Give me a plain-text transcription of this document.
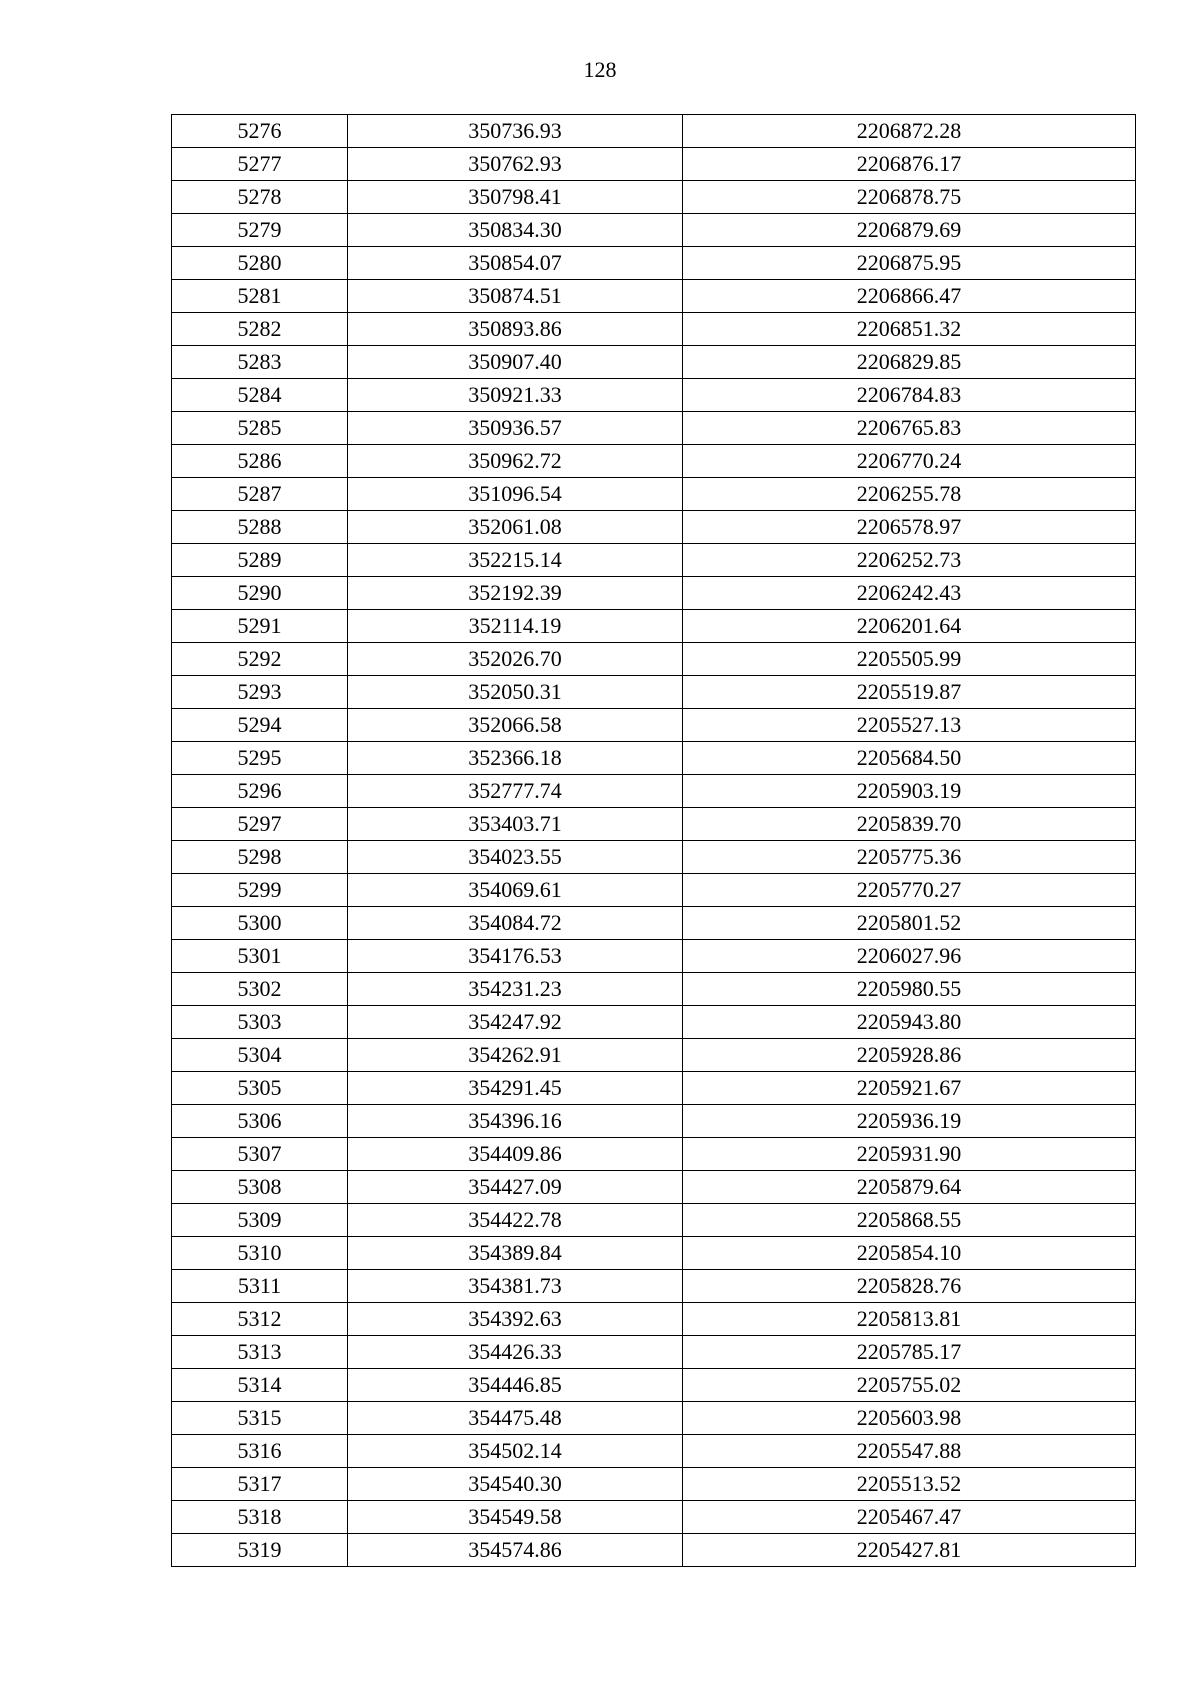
128
5276	350736.93	2206872.28
5277	350762.93	2206876.17
5278	350798.41	2206878.75
5279	350834.30	2206879.69
5280	350854.07	2206875.95
5281	350874.51	2206866.47
5282	350893.86	2206851.32
5283	350907.40	2206829.85
5284	350921.33	2206784.83
5285	350936.57	2206765.83
5286	350962.72	2206770.24
5287	351096.54	2206255.78
5288	352061.08	2206578.97
5289	352215.14	2206252.73
5290	352192.39	2206242.43
5291	352114.19	2206201.64
5292	352026.70	2205505.99
5293	352050.31	2205519.87
5294	352066.58	2205527.13
5295	352366.18	2205684.50
5296	352777.74	2205903.19
5297	353403.71	2205839.70
5298	354023.55	2205775.36
5299	354069.61	2205770.27
5300	354084.72	2205801.52
5301	354176.53	2206027.96
5302	354231.23	2205980.55
5303	354247.92	2205943.80
5304	354262.91	2205928.86
5305	354291.45	2205921.67
5306	354396.16	2205936.19
5307	354409.86	2205931.90
5308	354427.09	2205879.64
5309	354422.78	2205868.55
5310	354389.84	2205854.10
5311	354381.73	2205828.76
5312	354392.63	2205813.81
5313	354426.33	2205785.17
5314	354446.85	2205755.02
5315	354475.48	2205603.98
5316	354502.14	2205547.88
5317	354540.30	2205513.52
5318	354549.58	2205467.47
5319	354574.86	2205427.81
